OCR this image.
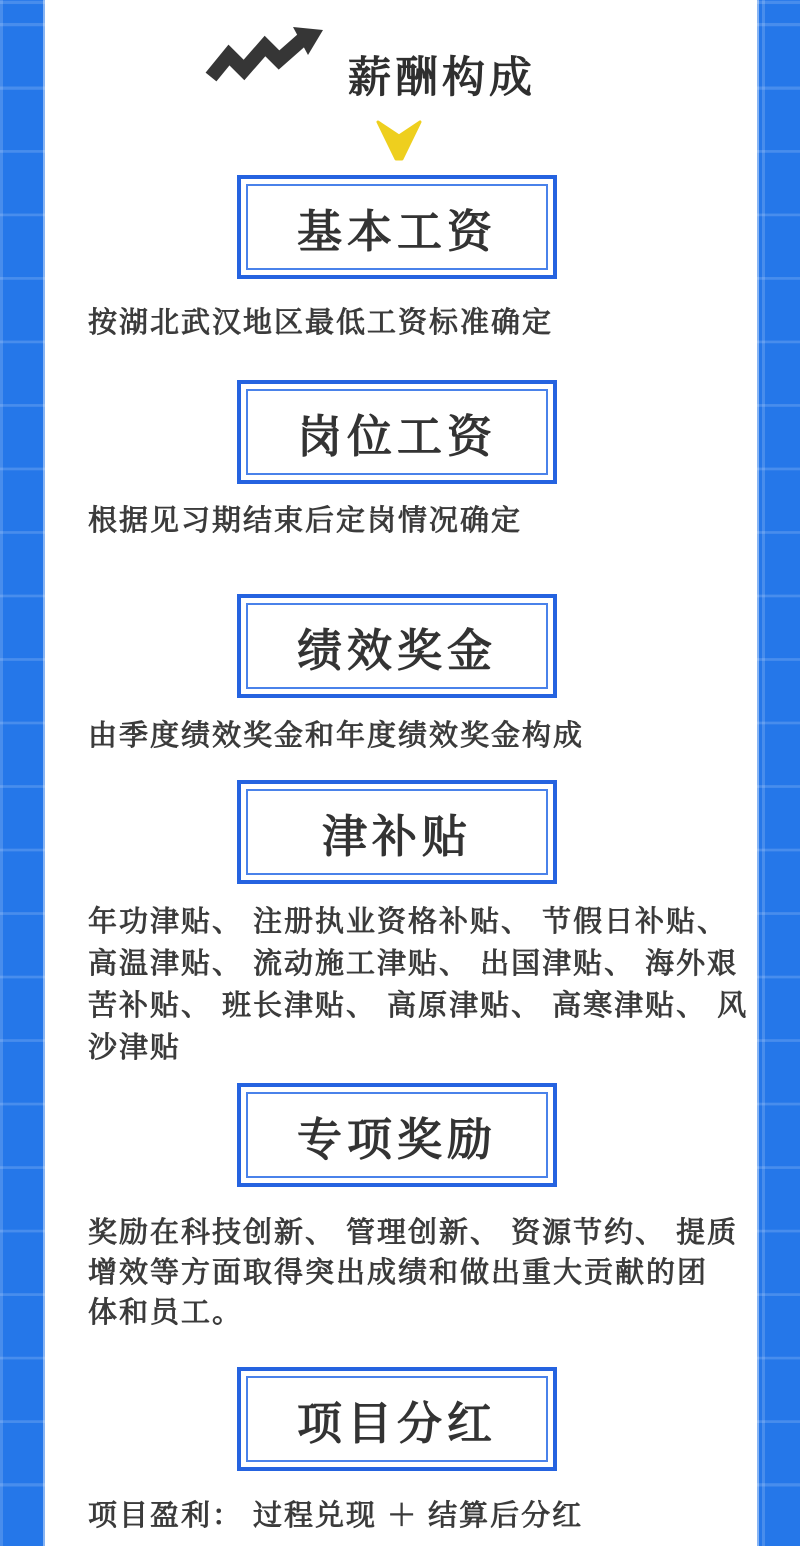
薪酬构成
基本工资
按湖北武汉地区最低工资标准确定
岗位工资
根据见习期结束后定岗情况确定
绩效奖金
由季度绩效奖金和年度绩效奖金构成
津补贴
年功津贴、 注册执业资格补贴、 节假日补贴、
高温津贴、 流动施工津贴、 出国津贴、 海外艰
苦补贴、 班长津贴、 高原津贴、 高寒津贴、 风
沙津贴
专项奖励
奖励在科技创新、 管理创新、 资源节约、 提质
增效等方面取得突出成绩和做出重大贡献的团
体和员工。
项目分红
项目盈利： 过程兑现 ＋ 结算后分红
